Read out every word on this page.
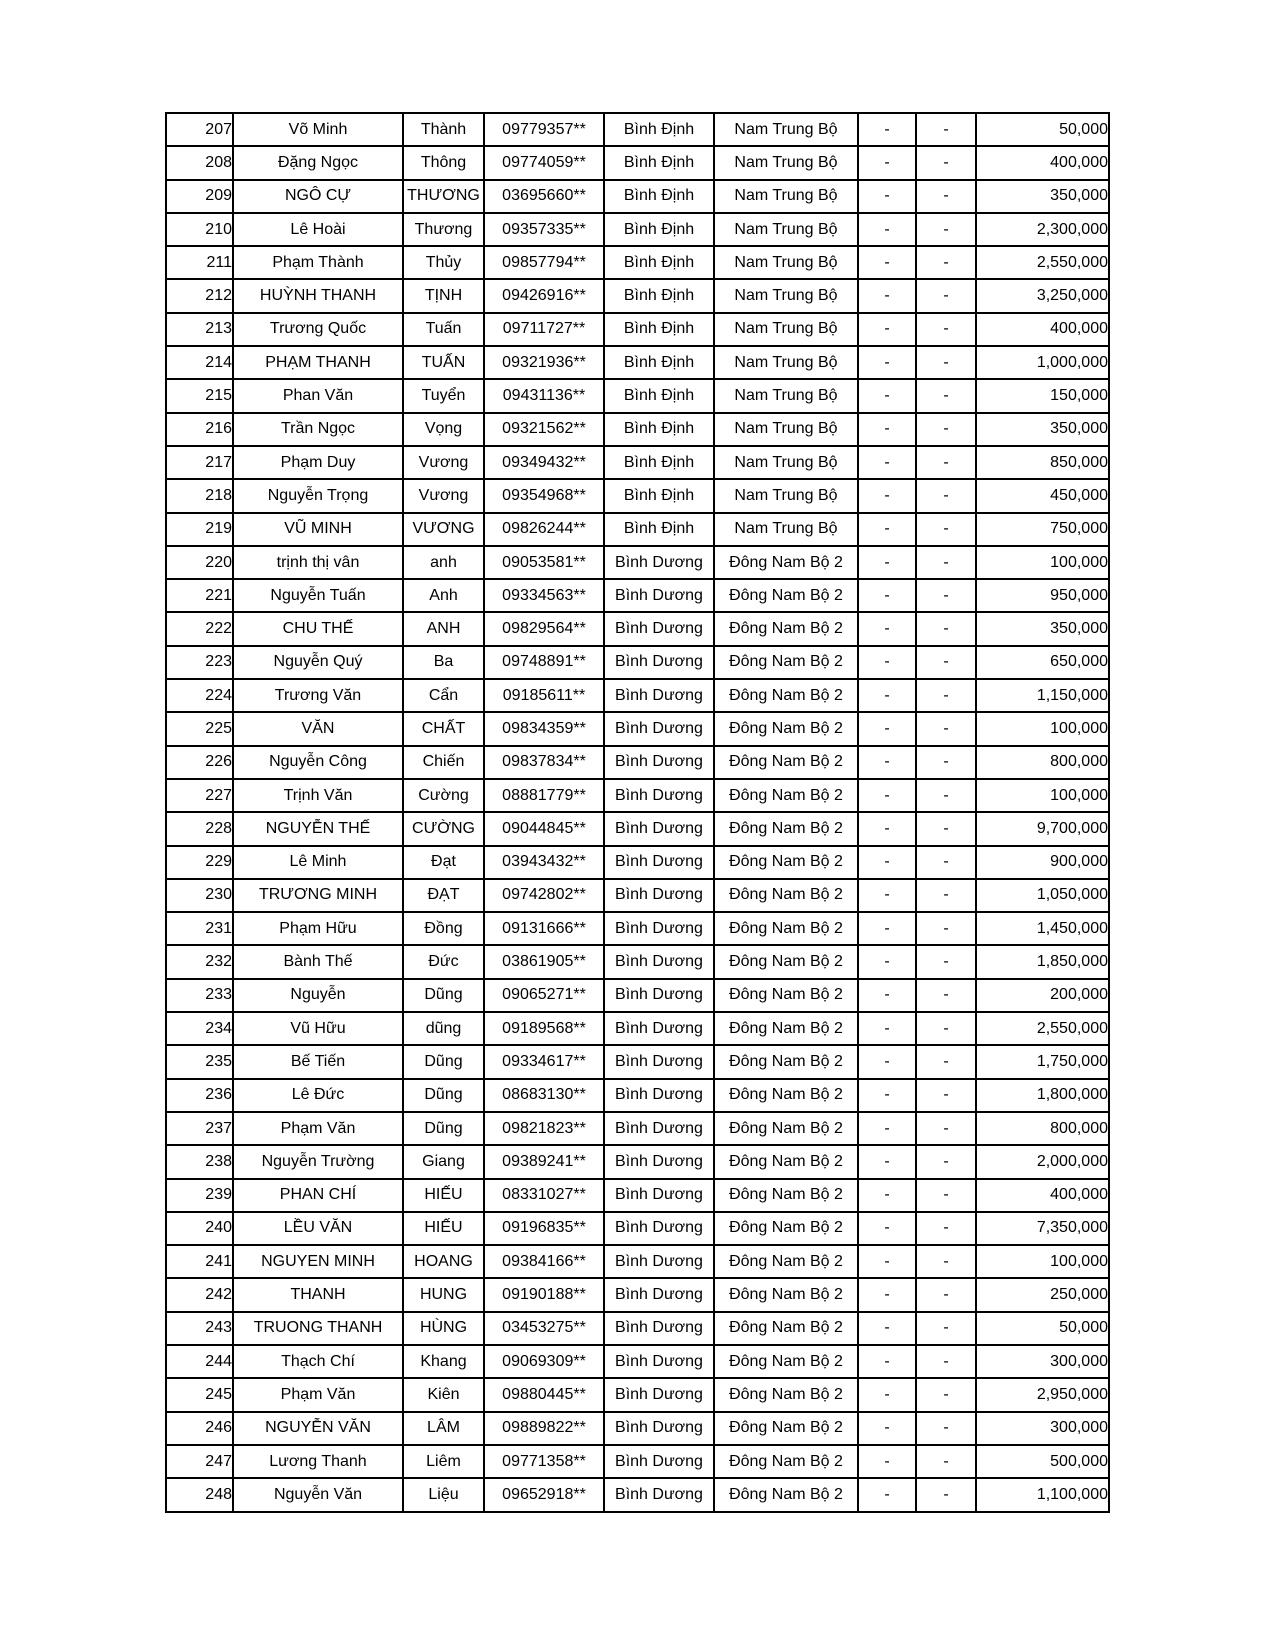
207	Võ Minh	Thành	09779357**	Bình Định	Nam Trung Bộ	-	-	50,000
208	Đặng Ngọc	Thông	09774059**	Bình Định	Nam Trung Bộ	-	-	400,000
209	NGÔ CỰ	THƯƠNG	03695660**	Bình Định	Nam Trung Bộ	-	-	350,000
210	Lê Hoài	Thương	09357335**	Bình Định	Nam Trung Bộ	-	-	2,300,000
211	Phạm Thành	Thủy	09857794**	Bình Định	Nam Trung Bộ	-	-	2,550,000
212	HUỲNH THANH	TỊNH	09426916**	Bình Định	Nam Trung Bộ	-	-	3,250,000
213	Trương Quốc	Tuấn	09711727**	Bình Định	Nam Trung Bộ	-	-	400,000
214	PHẠM THANH	TUẤN	09321936**	Bình Định	Nam Trung Bộ	-	-	1,000,000
215	Phan Văn	Tuyển	09431136**	Bình Định	Nam Trung Bộ	-	-	150,000
216	Trần Ngọc	Vọng	09321562**	Bình Định	Nam Trung Bộ	-	-	350,000
217	Phạm Duy	Vương	09349432**	Bình Định	Nam Trung Bộ	-	-	850,000
218	Nguyễn Trọng	Vương	09354968**	Bình Định	Nam Trung Bộ	-	-	450,000
219	VŨ MINH	VƯƠNG	09826244**	Bình Định	Nam Trung Bộ	-	-	750,000
220	trịnh thị vân	anh	09053581**	Bình Dương	Đông Nam Bộ 2	-	-	100,000
221	Nguyễn Tuấn	Anh	09334563**	Bình Dương	Đông Nam Bộ 2	-	-	950,000
222	CHU THẾ	ANH	09829564**	Bình Dương	Đông Nam Bộ 2	-	-	350,000
223	Nguyễn Quý	Ba	09748891**	Bình Dương	Đông Nam Bộ 2	-	-	650,000
224	Trương Văn	Cẩn	09185611**	Bình Dương	Đông Nam Bộ 2	-	-	1,150,000
225	VĂN	CHẤT	09834359**	Bình Dương	Đông Nam Bộ 2	-	-	100,000
226	Nguyễn Công	Chiến	09837834**	Bình Dương	Đông Nam Bộ 2	-	-	800,000
227	Trịnh Văn	Cường	08881779**	Bình Dương	Đông Nam Bộ 2	-	-	100,000
228	NGUYỄN THẾ	CƯỜNG	09044845**	Bình Dương	Đông Nam Bộ 2	-	-	9,700,000
229	Lê Minh	Đạt	03943432**	Bình Dương	Đông Nam Bộ 2	-	-	900,000
230	TRƯƠNG MINH	ĐẠT	09742802**	Bình Dương	Đông Nam Bộ 2	-	-	1,050,000
231	Phạm Hữu	Đồng	09131666**	Bình Dương	Đông Nam Bộ 2	-	-	1,450,000
232	Bành Thế	Đức	03861905**	Bình Dương	Đông Nam Bộ 2	-	-	1,850,000
233	Nguyễn	Dũng	09065271**	Bình Dương	Đông Nam Bộ 2	-	-	200,000
234	Vũ Hữu	dũng	09189568**	Bình Dương	Đông Nam Bộ 2	-	-	2,550,000
235	Bế Tiến	Dũng	09334617**	Bình Dương	Đông Nam Bộ 2	-	-	1,750,000
236	Lê Đức	Dũng	08683130**	Bình Dương	Đông Nam Bộ 2	-	-	1,800,000
237	Phạm Văn	Dũng	09821823**	Bình Dương	Đông Nam Bộ 2	-	-	800,000
238	Nguyễn Trường	Giang	09389241**	Bình Dương	Đông Nam Bộ 2	-	-	2,000,000
239	PHAN CHÍ	HIẾU	08331027**	Bình Dương	Đông Nam Bộ 2	-	-	400,000
240	LỀU VĂN	HIẾU	09196835**	Bình Dương	Đông Nam Bộ 2	-	-	7,350,000
241	NGUYEN MINH	HOANG	09384166**	Bình Dương	Đông Nam Bộ 2	-	-	100,000
242	THANH	HUNG	09190188**	Bình Dương	Đông Nam Bộ 2	-	-	250,000
243	TRUONG THANH	HÙNG	03453275**	Bình Dương	Đông Nam Bộ 2	-	-	50,000
244	Thạch Chí	Khang	09069309**	Bình Dương	Đông Nam Bộ 2	-	-	300,000
245	Phạm Văn	Kiên	09880445**	Bình Dương	Đông Nam Bộ 2	-	-	2,950,000
246	NGUYỄN VĂN	LÂM	09889822**	Bình Dương	Đông Nam Bộ 2	-	-	300,000
247	Lương Thanh	Liêm	09771358**	Bình Dương	Đông Nam Bộ 2	-	-	500,000
248	Nguyễn Văn	Liệu	09652918**	Bình Dương	Đông Nam Bộ 2	-	-	1,100,000
